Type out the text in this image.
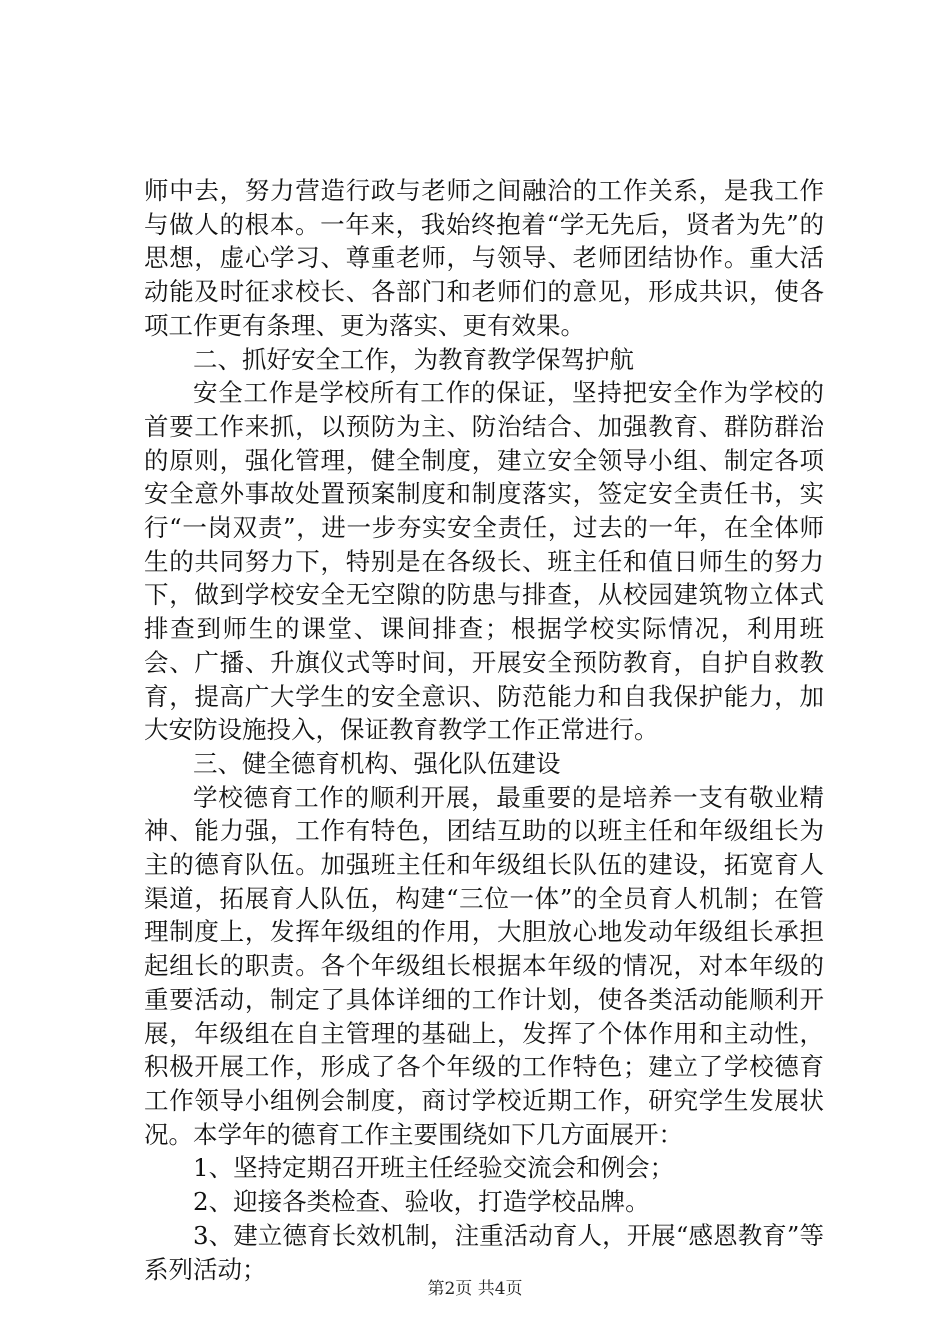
师中去，努力营造行政与老师之间融洽的工作关系，是我工作与做人的根本。一年来，我始终抱着“学无先后，贤者为先”的思想，虚心学习、尊重老师，与领导、老师团结协作。重大活动能及时征求校长、各部门和老师们的意见，形成共识，使各项工作更有条理、更为落实、更有效果。

二、抓好安全工作，为教育教学保驾护航

安全工作是学校所有工作的保证，坚持把安全作为学校的首要工作来抓，以预防为主、防治结合、加强教育、群防群治的原则，强化管理，健全制度，建立安全领导小组、制定各项安全意外事故处置预案制度和制度落实，签定安全责任书，实行“一岗双责”，进一步夯实安全责任，过去的一年，在全体师生的共同努力下，特别是在各级长、班主任和值日师生的努力下，做到学校安全无空隙的防患与排查，从校园建筑物立体式排查到师生的课堂、课间排查；根据学校实际情况，利用班会、广播、升旗仪式等时间，开展安全预防教育，自护自救教育，提高广大学生的安全意识、防范能力和自我保护能力，加大安防设施投入，保证教育教学工作正常进行。

三、健全德育机构、强化队伍建设

学校德育工作的顺利开展，最重要的是培养一支有敬业精神、能力强，工作有特色，团结互助的以班主任和年级组长为主的德育队伍。加强班主任和年级组长队伍的建设，拓宽育人渠道，拓展育人队伍，构建“三位一体”的全员育人机制；在管理制度上，发挥年级组的作用，大胆放心地发动年级组长承担起组长的职责。各个年级组长根据本年级的情况，对本年级的重要活动，制定了具体详细的工作计划，使各类活动能顺利开展，年级组在自主管理的基础上，发挥了个体作用和主动性，积极开展工作，形成了各个年级的工作特色；建立了学校德育工作领导小组例会制度，商讨学校近期工作，研究学生发展状况。本学年的德育工作主要围绕如下几方面展开：

1、坚持定期召开班主任经验交流会和例会；

2、迎接各类检查、验收，打造学校品牌。

3、建立德育长效机制，注重活动育人，开展“感恩教育”等系列活动；

第2页 共4页
